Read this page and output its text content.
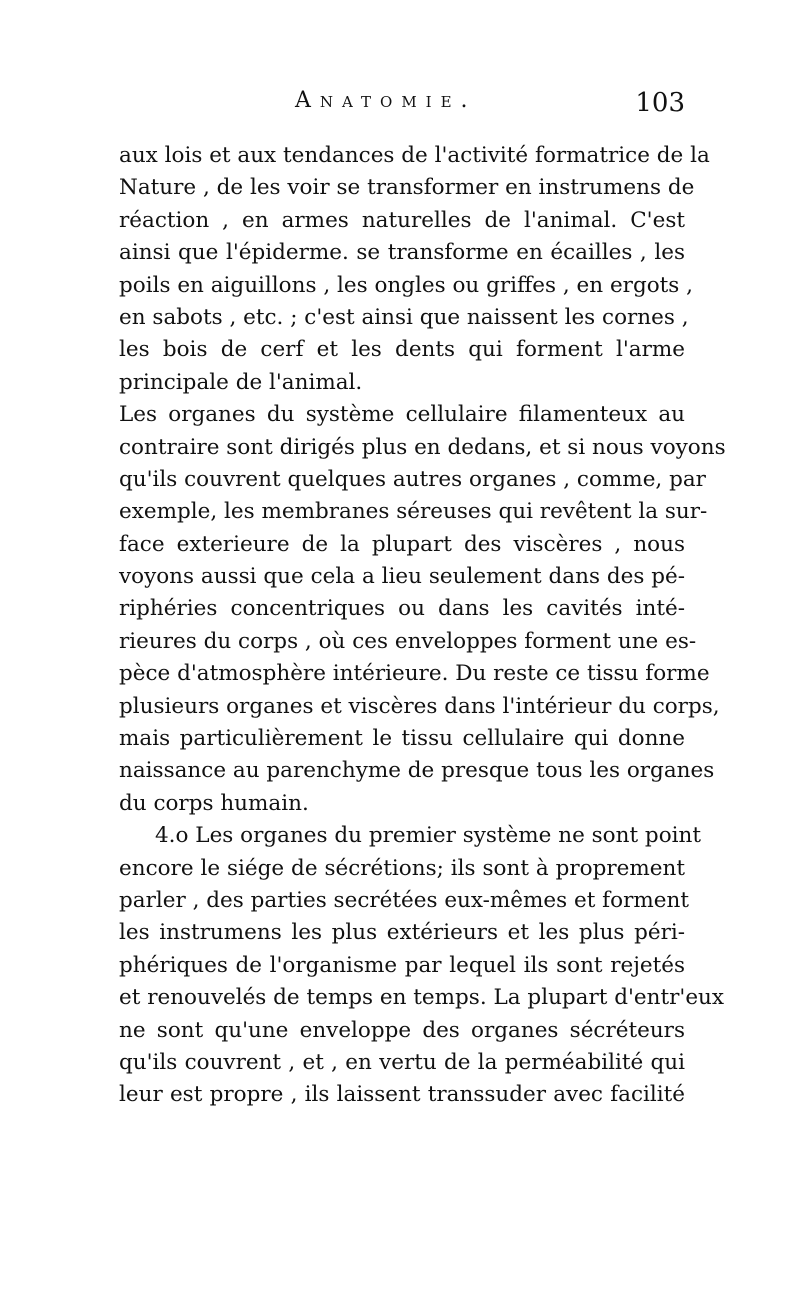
Anatomie.	103
aux lois et aux tendances de l'activité formatrice de la
Nature , de les voir se transformer en instrumens de
réaction , en armes naturelles de l'animal. C'est
ainsi que l'épiderme. se transforme en écailles , les
poils en aiguillons , les ongles ou griffes , en ergots ,
en sabots , etc. ; c'est ainsi que naissent les cornes ,
les bois de cerf et les dents qui forment l'arme
principale de l'animal.
Les organes du système cellulaire filamenteux au
contraire sont dirigés plus en dedans, et si nous voyons
qu'ils couvrent quelques autres organes , comme, par
exemple, les membranes séreuses qui revêtent la sur-
face exterieure de la plupart des viscères , nous
voyons aussi que cela a lieu seulement dans des pé-
riphéries concentriques ou dans les cavités inté-
rieures du corps , où ces enveloppes forment une es-
pèce d'atmosphère intérieure. Du reste ce tissu forme
plusieurs organes et viscères dans l'intérieur du corps,
mais particulièrement le tissu cellulaire qui donne
naissance au parenchyme de presque tous les organes
du corps humain.
4.o Les organes du premier système ne sont point
encore le siége de sécrétions; ils sont à proprement
parler , des parties secrétées eux-mêmes et forment
les instrumens les plus extérieurs et les plus péri-
phériques de l'organisme par lequel ils sont rejetés
et renouvelés de temps en temps. La plupart d'entr'eux
ne sont qu'une enveloppe des organes sécréteurs
qu'ils couvrent , et , en vertu de la perméabilité qui
leur est propre , ils laissent transsuder avec facilité
